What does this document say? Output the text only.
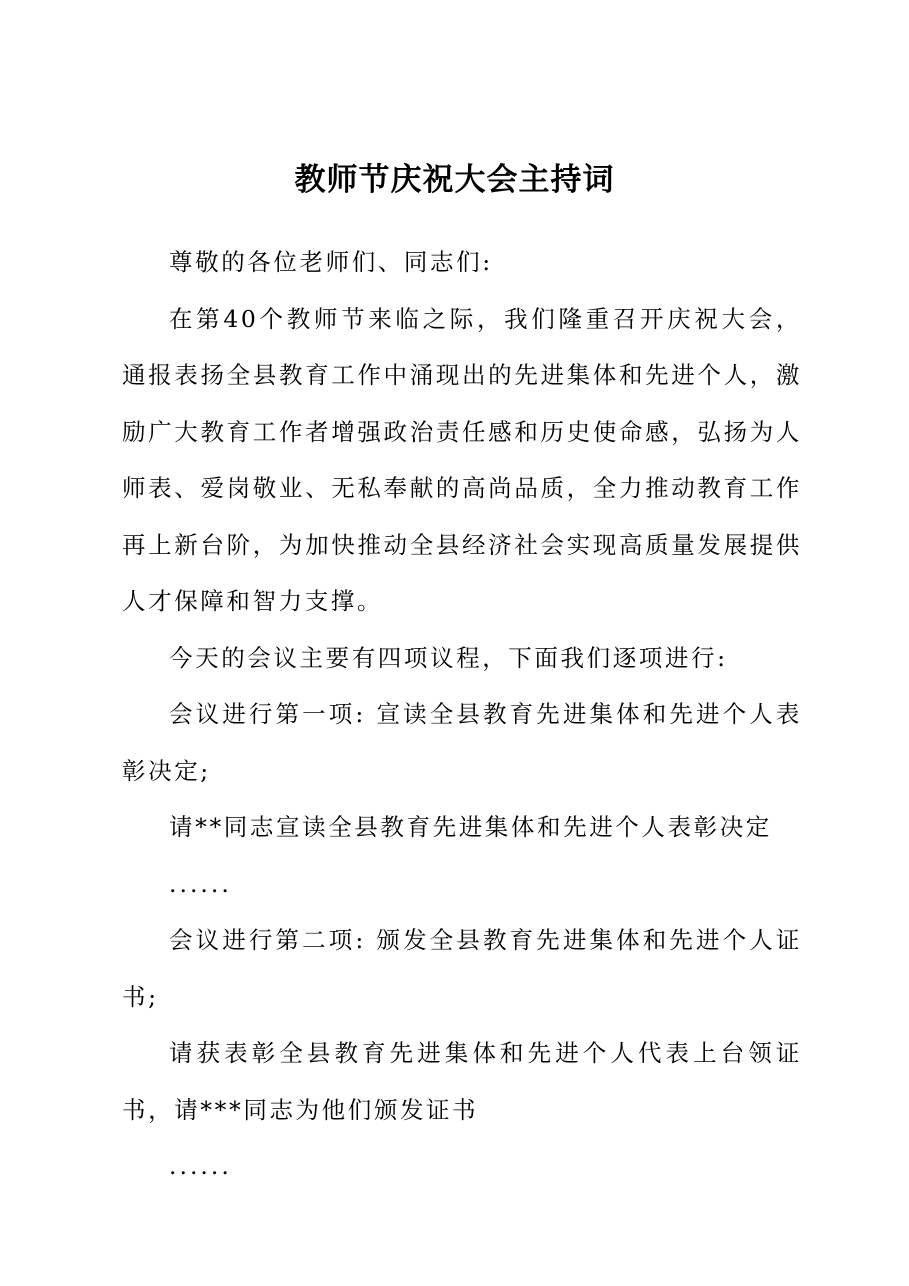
教师节庆祝大会主持词

尊敬的各位老师们、同志们:

在第40个教师节来临之际，我们隆重召开庆祝大会，通报表扬全县教育工作中涌现出的先进集体和先进个人，激励广大教育工作者增强政治责任感和历史使命感，弘扬为人师表、爱岗敬业、无私奉献的高尚品质，全力推动教育工作再上新台阶，为加快推动全县经济社会实现高质量发展提供人才保障和智力支撑。

今天的会议主要有四项议程，下面我们逐项进行:

会议进行第一项: 宣读全县教育先进集体和先进个人表彰决定;

请**同志宣读全县教育先进集体和先进个人表彰决定

......

会议进行第二项: 颁发全县教育先进集体和先进个人证书;

请获表彰全县教育先进集体和先进个人代表上台领证书，请***同志为他们颁发证书

......
